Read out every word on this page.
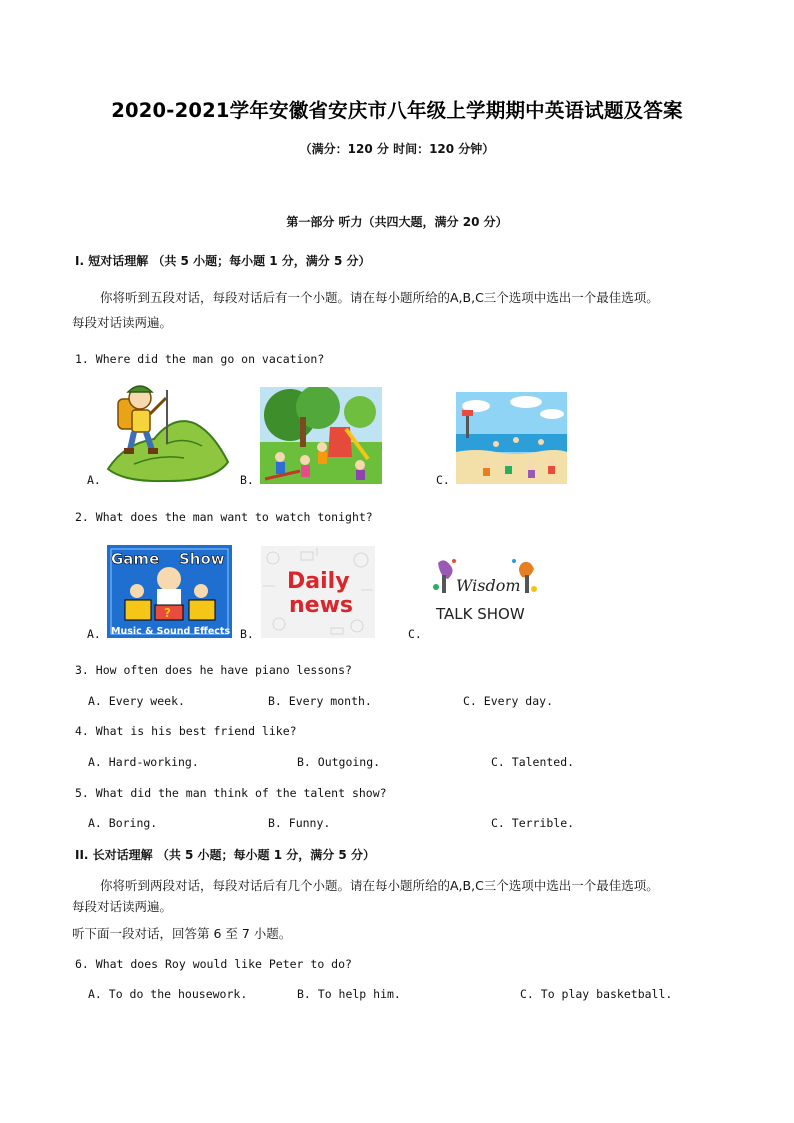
2020-2021学年安徽省安庆市八年级上学期期中英语试题及答案
（满分：120 分 时间：120 分钟）
第一部分 听力（共四大题，满分 20 分）
I. 短对话理解 （共 5 小题；每小题 1 分，满分 5 分）
你将听到五段对话，每段对话后有一个小题。请在每小题所给的A,B,C三个选项中选出一个最佳选项。
每段对话读两遍。
1. Where did the man go on vacation?
A.	B.	C.
2. What does the man want to watch tonight?
Game Show
?
Music & Sound Effects
A.
Daily
news
B.
Wisdom
TALK SHOW
C.
3. How often does he have piano lessons?
A. Every week.	B. Every month.	C. Every day.
4. What is his best friend like?
A. Hard-working.	B. Outgoing.	C. Talented.
5. What did the man think of the talent show?
A. Boring.	B. Funny.	C. Terrible.
II. 长对话理解 （共 5 小题；每小题 1 分，满分 5 分）
你将听到两段对话，每段对话后有几个小题。请在每小题所给的A,B,C三个选项中选出一个最佳选项。
每段对话读两遍。
听下面一段对话，回答第 6 至 7 小题。
6. What does Roy would like Peter to do?
A. To do the housework.	B. To help him.	C. To play basketball.
